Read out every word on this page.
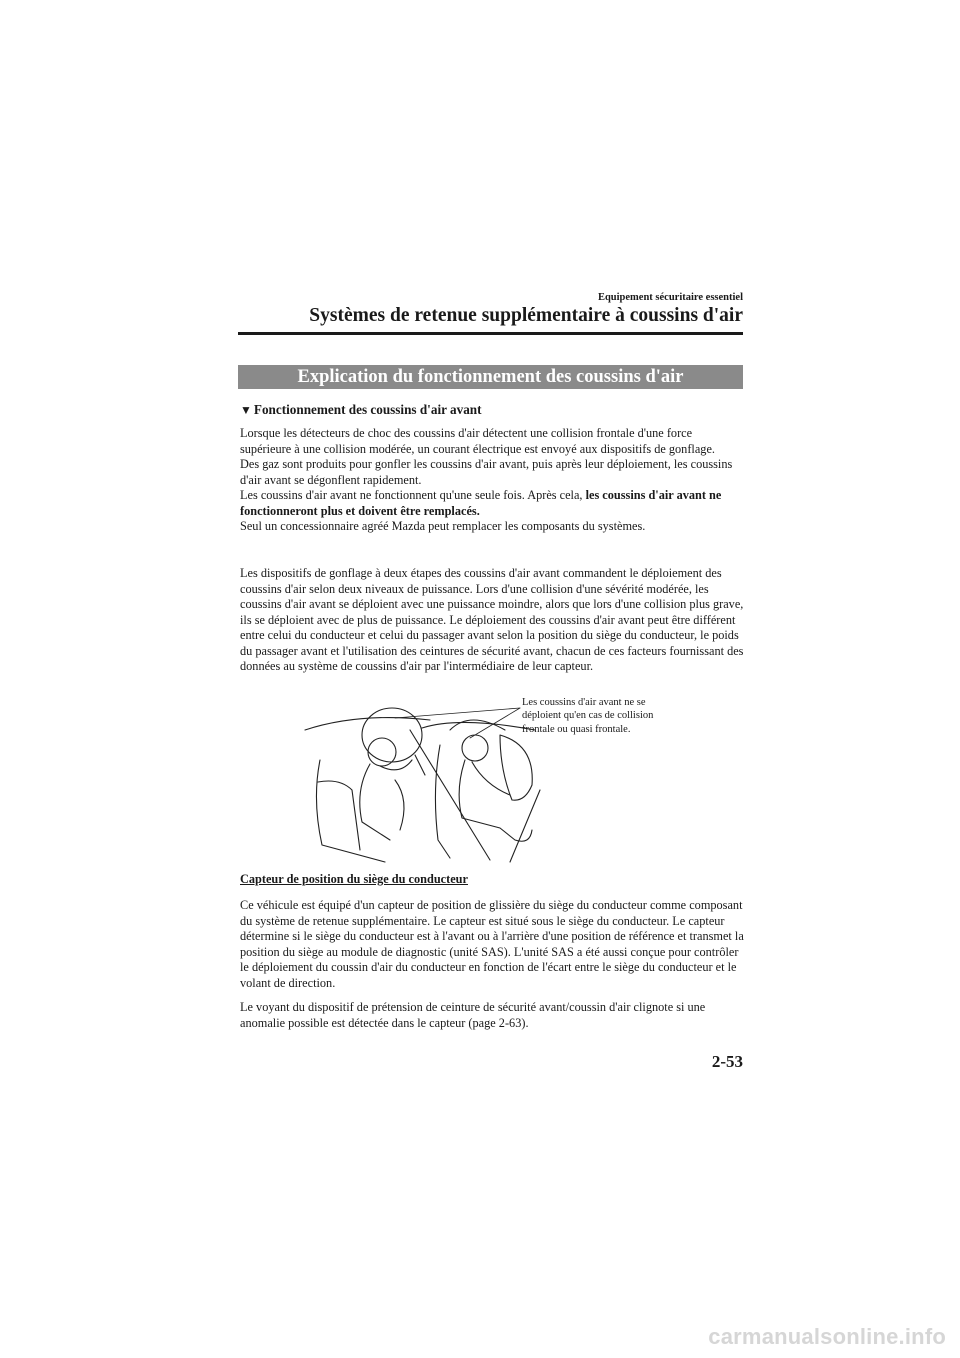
Equipement sécuritaire essentiel
Systèmes de retenue supplémentaire à coussins d'air
Explication du fonctionnement des coussins d'air
▼ Fonctionnement des coussins d'air avant

Lorsque les détecteurs de choc des coussins d'air détectent une collision frontale d'une force supérieure à une collision modérée, un courant électrique est envoyé aux dispositifs de gonflage.

Des gaz sont produits pour gonfler les coussins d'air avant, puis après leur déploiement, les coussins d'air avant se dégonflent rapidement.

Les coussins d'air avant ne fonctionnent qu'une seule fois. Après cela, les coussins d'air avant ne fonctionneront plus et doivent être remplacés.

Seul un concessionnaire agréé Mazda peut remplacer les composants du systèmes.

Les dispositifs de gonflage à deux étapes des coussins d'air avant commandent le déploiement des coussins d'air selon deux niveaux de puissance. Lors d'une collision d'une sévérité modérée, les coussins d'air avant se déploient avec une puissance moindre, alors que lors d'une collision plus grave, ils se déploient avec de plus de puissance. Le déploiement des coussins d'air avant peut être différent entre celui du conducteur et celui du passager avant selon la position du siège du conducteur, le poids du passager avant et l'utilisation des ceintures de sécurité avant, chacun de ces facteurs fournissant des données au système de coussins d'air par l'intermédiaire de leur capteur.
Les coussins d'air avant ne se déploient qu'en cas de collision frontale ou quasi frontale.
Capteur de position du siège du conducteur
Ce véhicule est équipé d'un capteur de position de glissière du siège du conducteur comme composant du système de retenue supplémentaire. Le capteur est situé sous le siège du conducteur. Le capteur détermine si le siège du conducteur est à l'avant ou à l'arrière d'une position de référence et transmet la position du siège au module de diagnostic (unité SAS). L'unité SAS a été aussi conçue pour contrôler le déploiement du coussin d'air du conducteur en fonction de l'écart entre le siège du conducteur et le volant de direction.
Le voyant du dispositif de prétension de ceinture de sécurité avant/coussin d'air clignote si une anomalie possible est détectée dans le capteur (page 2-63).
2-53
carmanualsonline.info
